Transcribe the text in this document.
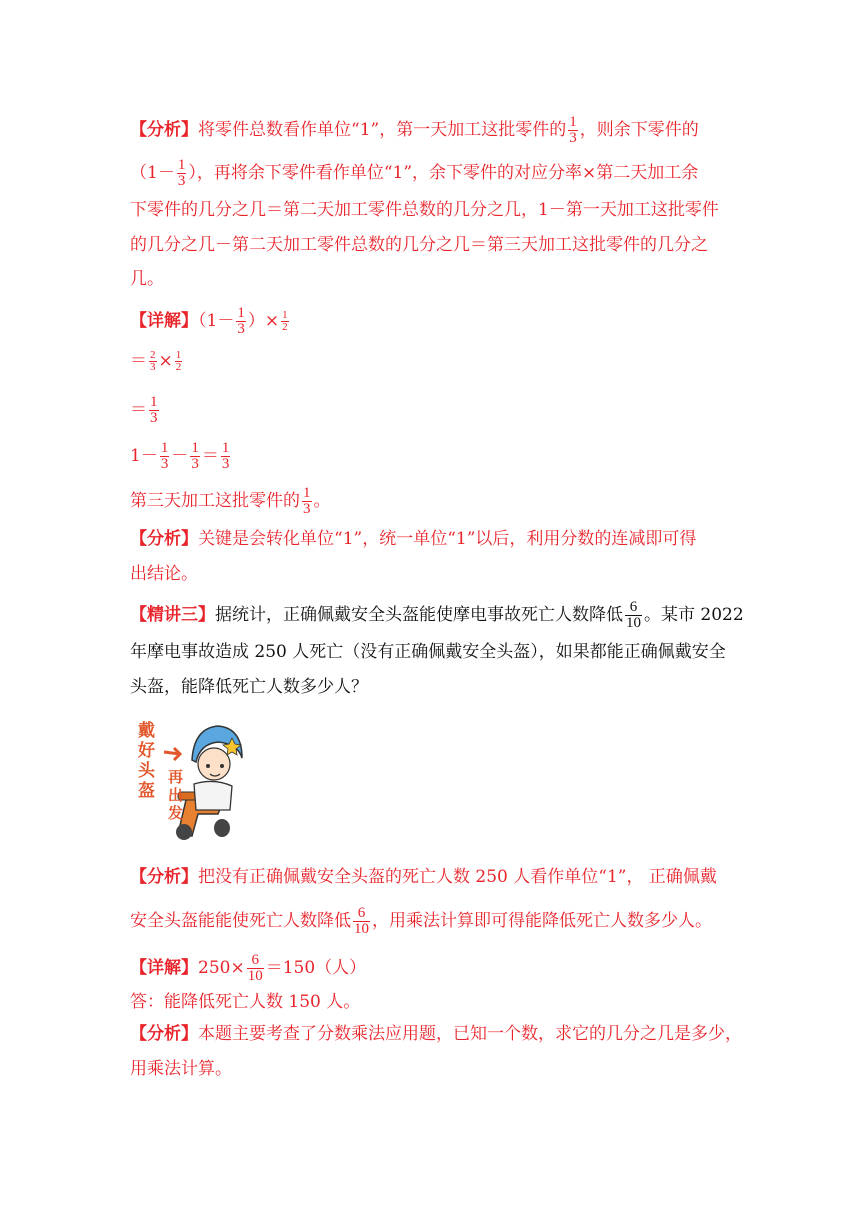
【分析】将零件总数看作单位“1”，第一天加工这批零件的 $\frac{1}{3}$ ，则余下零件的
（$1- \frac{1}{3}$ ），再将余下零件看作单位“1”，余下零件的对应分率×第二天加工余
下零件的几分之几＝第二天加工零件总数的几分之几，1－第一天加工这批零件
的几分之几－第二天加工零件总数的几分之几＝第三天加工这批零件的几分之
几。
【详解】（$1- \frac{1}{3}$ ）× $\frac{1}{2}$
＝ $\frac{2}{3} \times \frac{1}{2}$
＝ $\frac{1}{3}$
$1- \frac{1}{3} - \frac{1}{3} = \frac{1}{3}$
第三天加工这批零件的 $\frac{1}{3}$ 。
【分析】关键是会转化单位“1”，统一单位“1”以后，利用分数的连减即可得
出结论。
【精讲三】据统计，正确佩戴安全头盔能使摩电事故死亡人数降低 $\frac{6}{10}$ 。某市 2022
年摩电事故造成 250 人死亡（没有正确佩戴安全头盔），如果都能正确佩戴安全
头盔，能降低死亡人数多少人？
戴
好
头
盔
再
出
发
【分析】把没有正确佩戴安全头盔的死亡人数 250 人看作单位“1”， 正确佩戴
安全头盔能能使死亡人数降低 $\frac{6}{10}$ ，用乘法计算即可得能降低死亡人数多少人。
【详解】$250\times \frac{6}{10} =150$（人）
答：能降低死亡人数 150 人。
【分析】本题主要考查了分数乘法应用题，已知一个数，求它的几分之几是多少，
用乘法计算。
